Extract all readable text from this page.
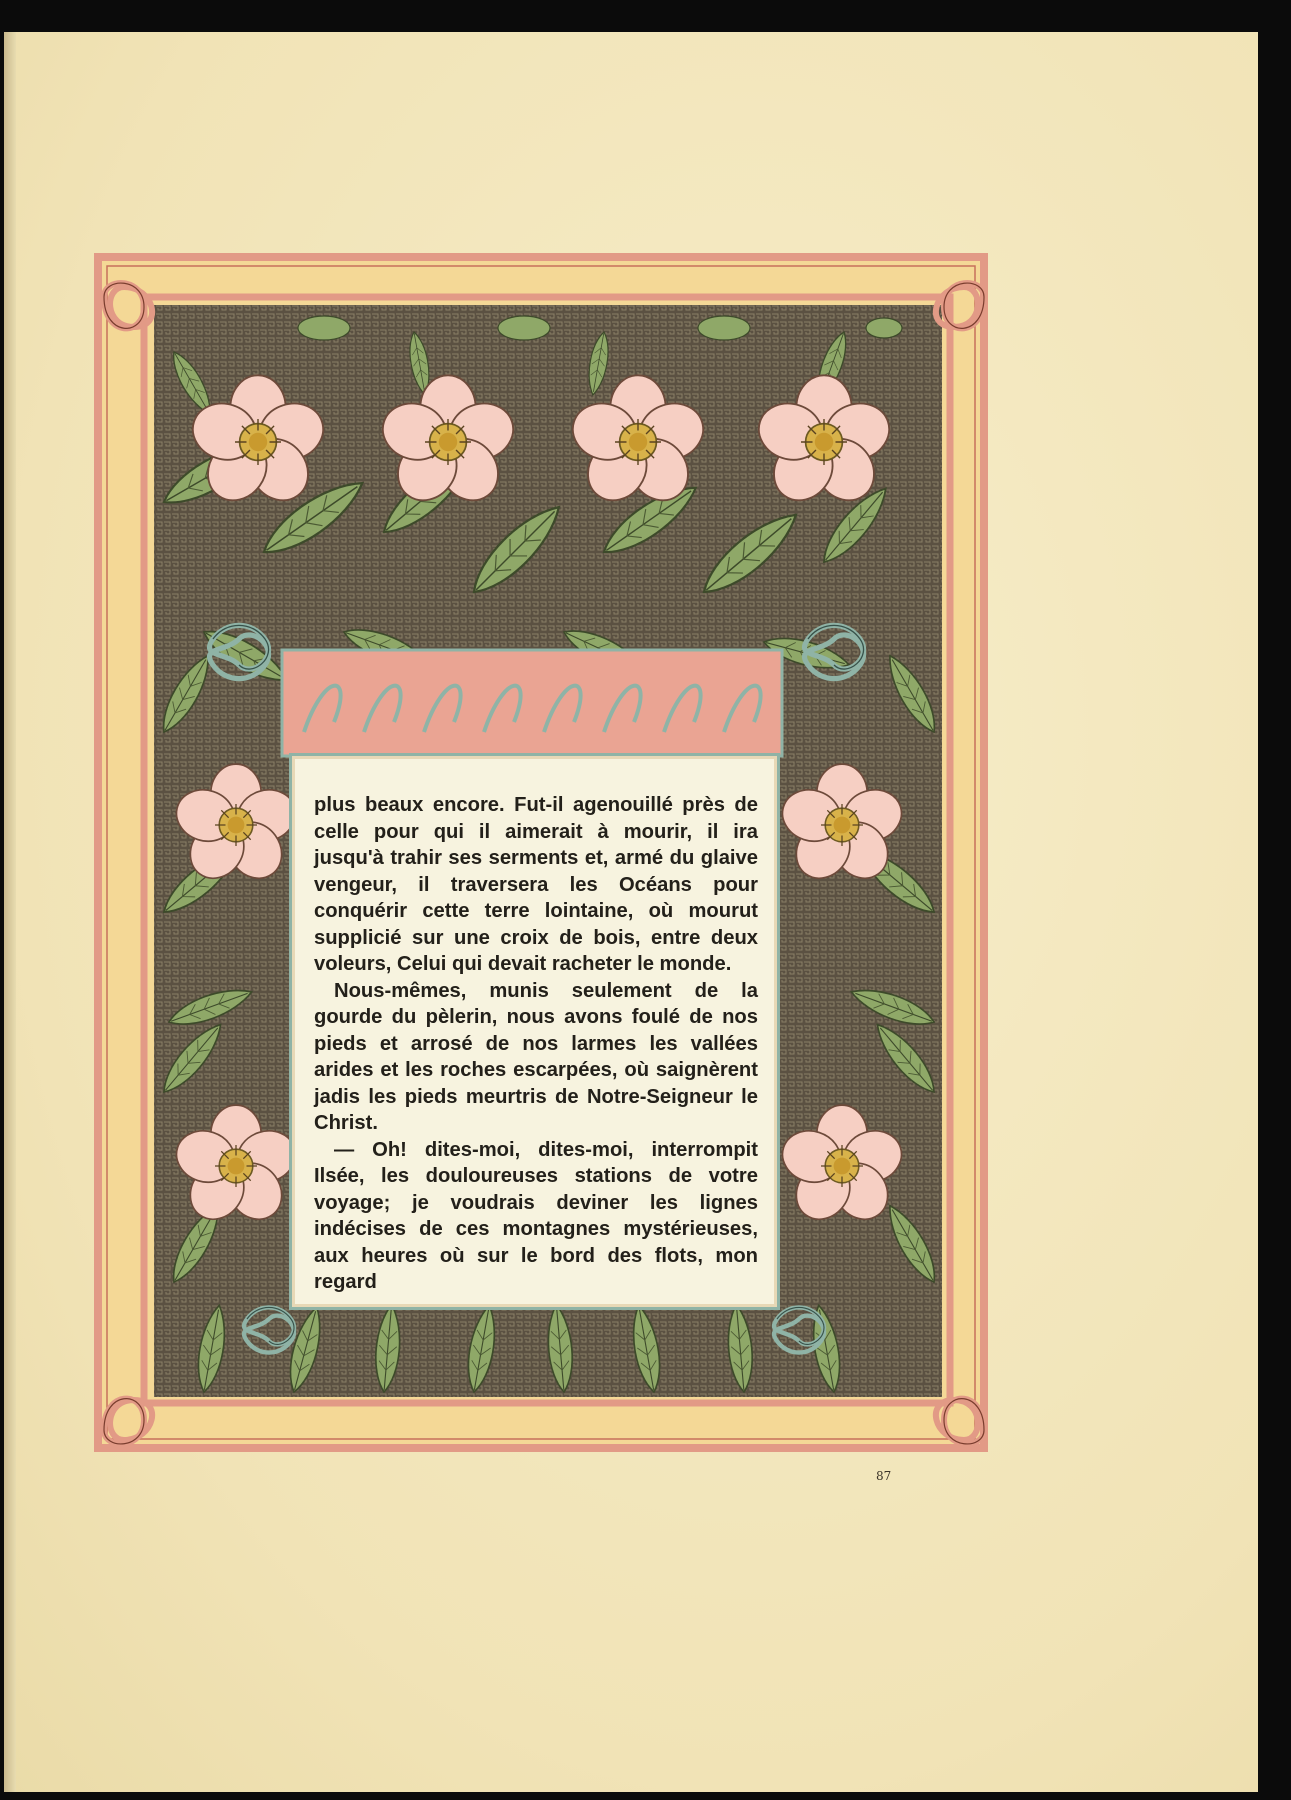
plus beaux encore. Fut-il agenouillé près de celle pour qui il aimerait à mourir, il ira jusqu'à trahir ses serments et, armé du glaive vengeur, il traversera les Océans pour conquérir cette terre lointaine, où mourut supplicié sur une croix de bois, entre deux voleurs, Celui qui devait racheter le monde.

Nous-mêmes, munis seulement de la gourde du pèlerin, nous avons foulé de nos pieds et arrosé de nos larmes les vallées arides et les roches escarpées, où saignèrent jadis les pieds meurtris de Notre-Seigneur le Christ.

— Oh! dites-moi, dites-moi, interrompit Ilsée, les douloureuses stations de votre voyage; je voudrais deviner les lignes indécises de ces montagnes mystérieuses, aux heures où sur le bord des flots, mon regard

87
